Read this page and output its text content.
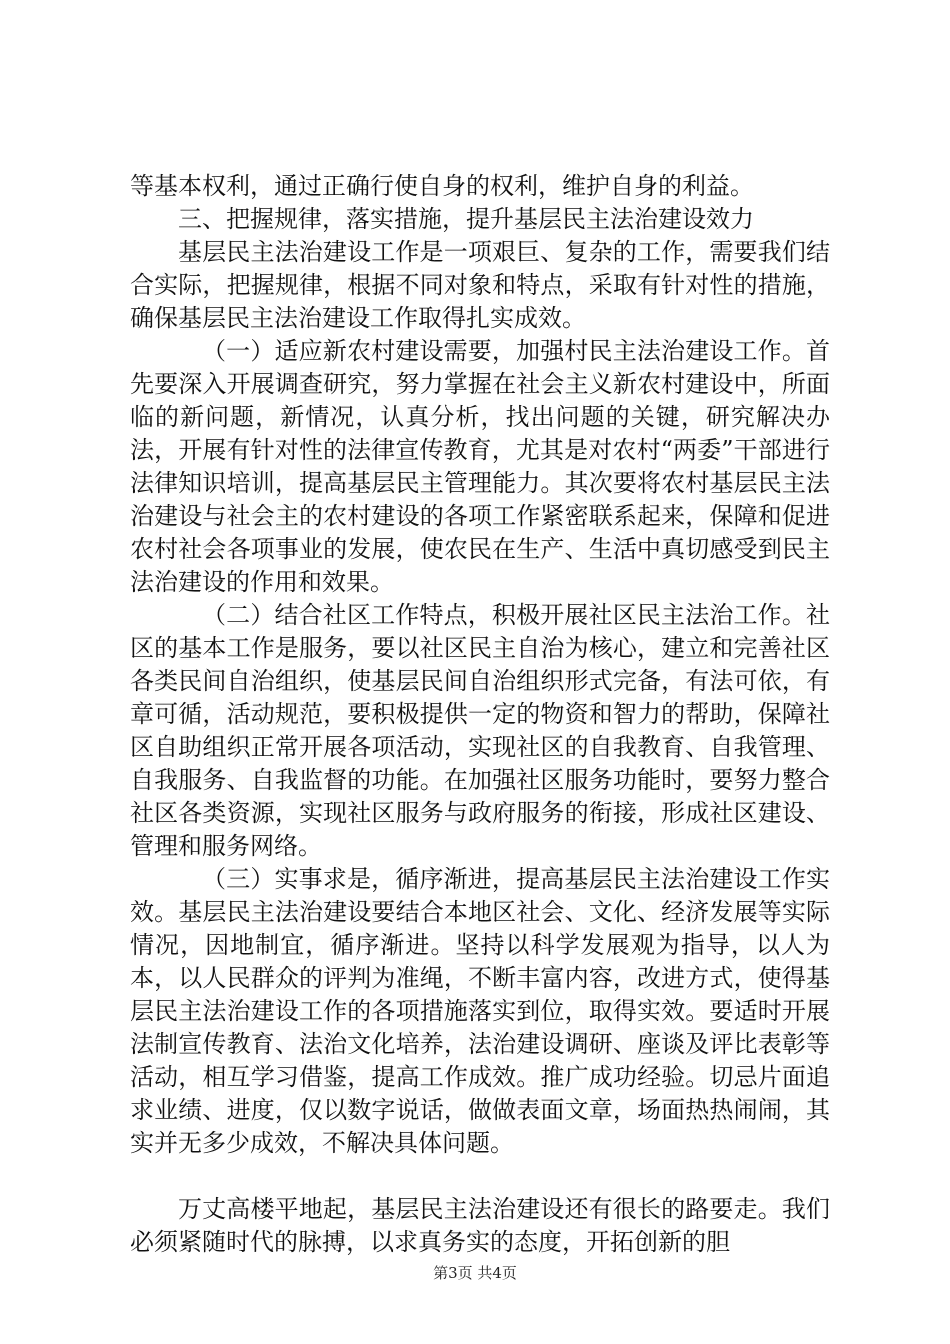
等基本权利，通过正确行使自身的权利，维护自身的利益。

三、把握规律，落实措施，提升基层民主法治建设效力

基层民主法治建设工作是一项艰巨、复杂的工作，需要我们结合实际，把握规律，根据不同对象和特点，采取有针对性的措施，确保基层民主法治建设工作取得扎实成效。

（一）适应新农村建设需要，加强村民主法治建设工作。首先要深入开展调查研究，努力掌握在社会主义新农村建设中，所面临的新问题，新情况，认真分析，找出问题的关键，研究解决办法，开展有针对性的法律宣传教育，尤其是对农村“两委”干部进行法律知识培训，提高基层民主管理能力。其次要将农村基层民主法治建设与社会主的农村建设的各项工作紧密联系起来，保障和促进农村社会各项事业的发展，使农民在生产、生活中真切感受到民主法治建设的作用和效果。

（二）结合社区工作特点，积极开展社区民主法治工作。社区的基本工作是服务，要以社区民主自治为核心，建立和完善社区各类民间自治组织，使基层民间自治组织形式完备，有法可依，有章可循，活动规范，要积极提供一定的物资和智力的帮助，保障社区自助组织正常开展各项活动，实现社区的自我教育、自我管理、自我服务、自我监督的功能。在加强社区服务功能时，要努力整合社区各类资源，实现社区服务与政府服务的衔接，形成社区建设、管理和服务网络。

（三）实事求是，循序渐进，提高基层民主法治建设工作实效。基层民主法治建设要结合本地区社会、文化、经济发展等实际情况，因地制宜，循序渐进。坚持以科学发展观为指导，以人为本，以人民群众的评判为准绳，不断丰富内容，改进方式，使得基层民主法治建设工作的各项措施落实到位，取得实效。要适时开展法制宣传教育、法治文化培养，法治建设调研、座谈及评比表彰等活动，相互学习借鉴，提高工作成效。推广成功经验。切忌片面追求业绩、进度，仅以数字说话，做做表面文章，场面热热闹闹，其实并无多少成效，不解决具体问题。

万丈高楼平地起，基层民主法治建设还有很长的路要走。我们必须紧随时代的脉搏，以求真务实的态度，开拓创新的胆

第3页 共4页
